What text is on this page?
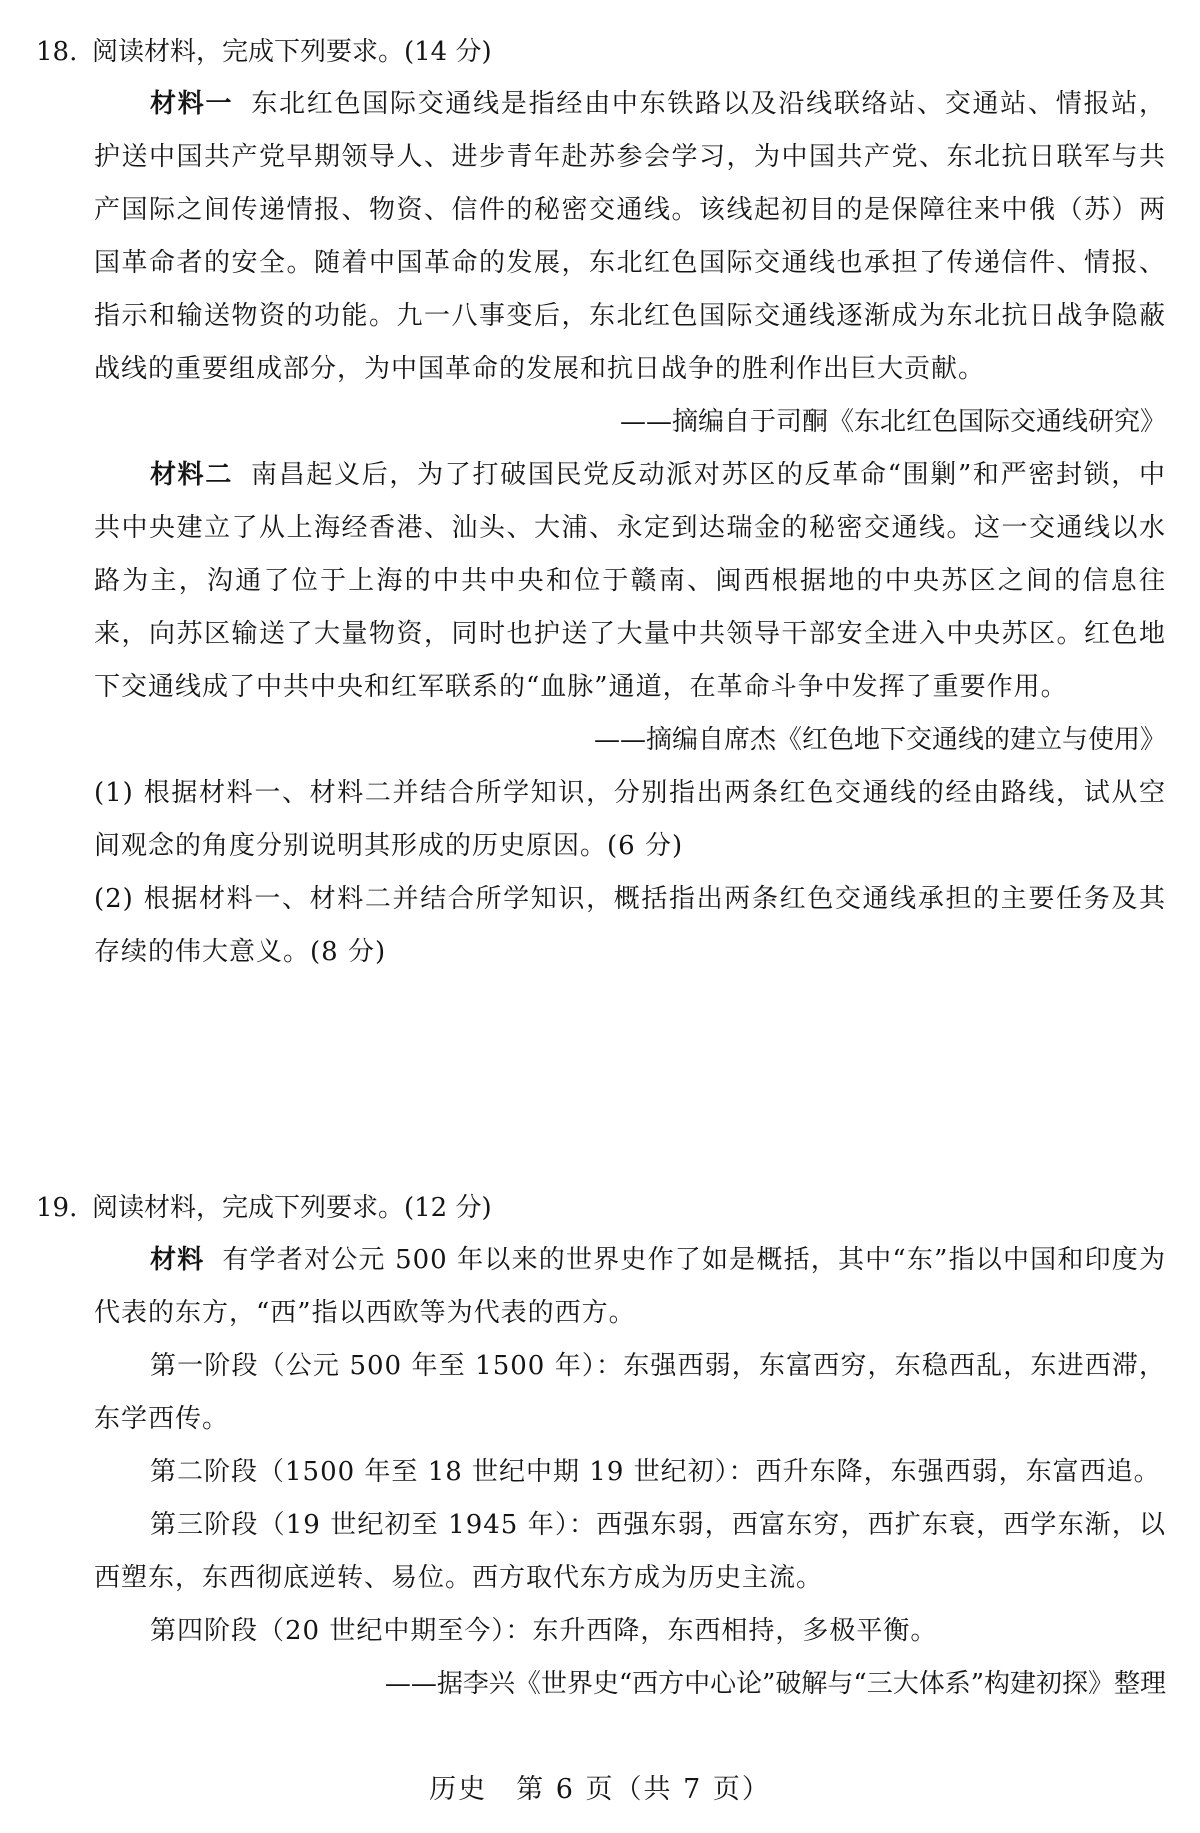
18. 阅读材料，完成下列要求。(14 分)
材料一 东北红色国际交通线是指经由中东铁路以及沿线联络站、交通站、情报站，护送中国共产党早期领导人、进步青年赴苏参会学习，为中国共产党、东北抗日联军与共产国际之间传递情报、物资、信件的秘密交通线。该线起初目的是保障往来中俄（苏）两国革命者的安全。随着中国革命的发展，东北红色国际交通线也承担了传递信件、情报、指示和输送物资的功能。九一八事变后，东北红色国际交通线逐渐成为东北抗日战争隐蔽战线的重要组成部分，为中国革命的发展和抗日战争的胜利作出巨大贡献。
——摘编自于司酮《东北红色国际交通线研究》
材料二 南昌起义后，为了打破国民党反动派对苏区的反革命“围剿”和严密封锁，中共中央建立了从上海经香港、汕头、大浦、永定到达瑞金的秘密交通线。这一交通线以水路为主，沟通了位于上海的中共中央和位于赣南、闽西根据地的中央苏区之间的信息往来，向苏区输送了大量物资，同时也护送了大量中共领导干部安全进入中央苏区。红色地下交通线成了中共中央和红军联系的“血脉”通道，在革命斗争中发挥了重要作用。
——摘编自席杰《红色地下交通线的建立与使用》
(1) 根据材料一、材料二并结合所学知识，分别指出两条红色交通线的经由路线，试从空间观念的角度分别说明其形成的历史原因。(6 分)
(2) 根据材料一、材料二并结合所学知识，概括指出两条红色交通线承担的主要任务及其存续的伟大意义。(8 分)
19. 阅读材料，完成下列要求。(12 分)
材料 有学者对公元 500 年以来的世界史作了如是概括，其中“东”指以中国和印度为代表的东方，“西”指以西欧等为代表的西方。
第一阶段（公元 500 年至 1500 年）：东强西弱，东富西穷，东稳西乱，东进西滞，东学西传。
第二阶段（1500 年至 18 世纪中期 19 世纪初）：西升东降，东强西弱，东富西追。
第三阶段（19 世纪初至 1945 年）：西强东弱，西富东穷，西扩东衰，西学东渐，以西塑东，东西彻底逆转、易位。西方取代东方成为历史主流。
第四阶段（20 世纪中期至今）：东升西降，东西相持，多极平衡。
——据李兴《世界史“西方中心论”破解与“三大体系”构建初探》整理
历史　第 6 页（共 7 页）
